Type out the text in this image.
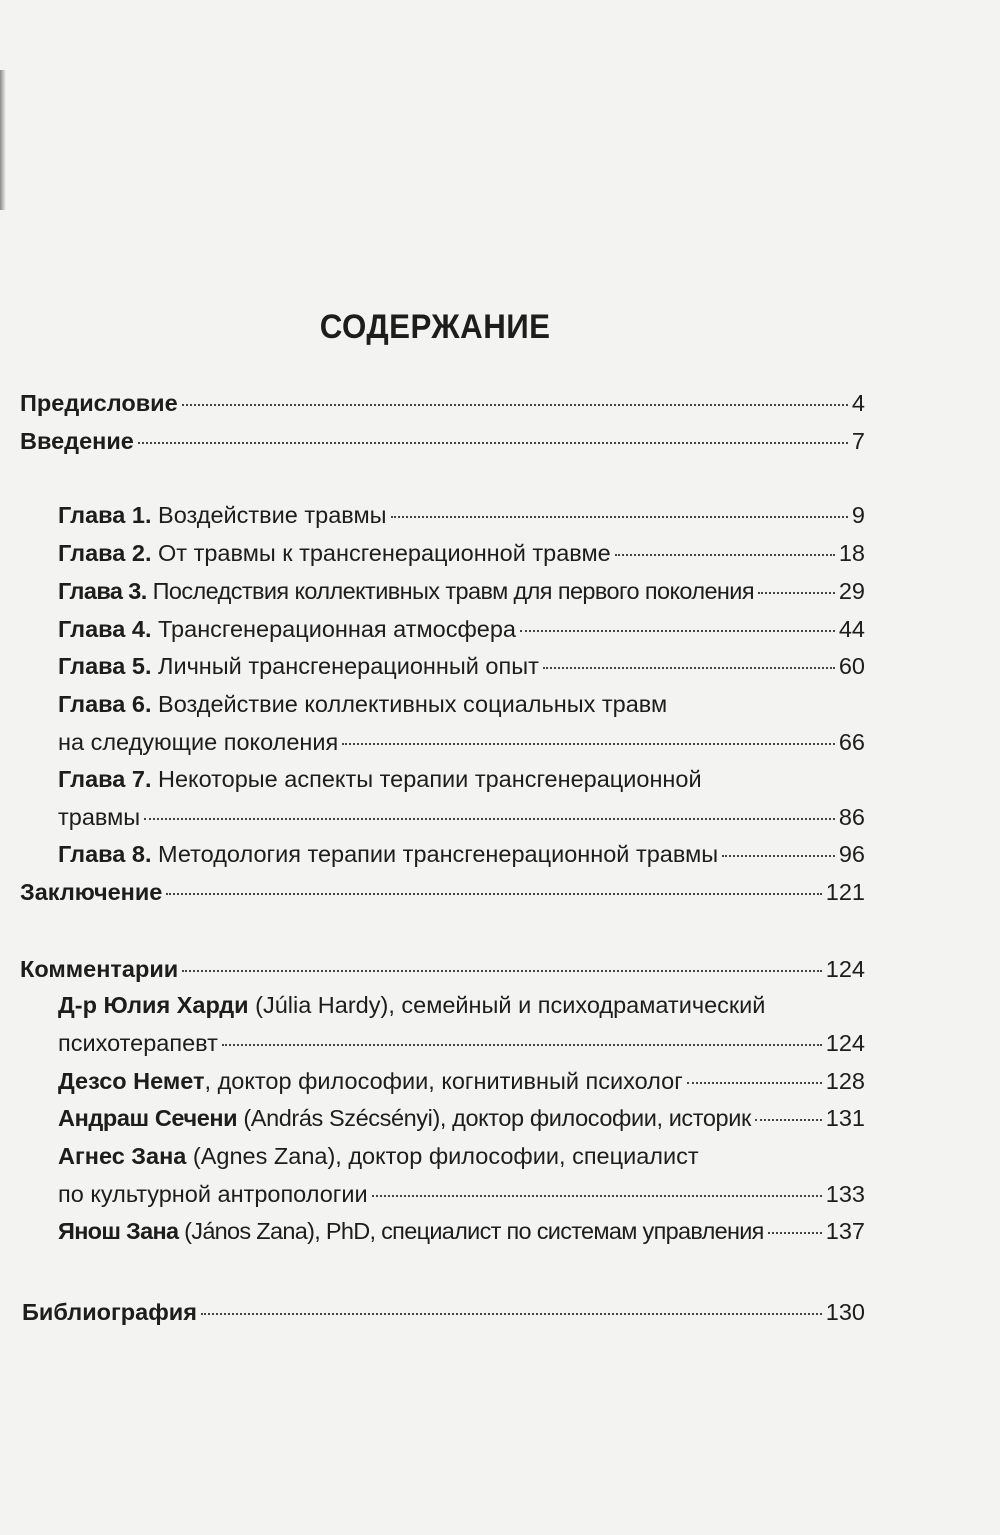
СОДЕРЖАНИЕ
Предисловие	4
Введение	7
Глава 1. Воздействие травмы	9
Глава 2. От травмы к трансгенерационной травме	18
Глава 3. Последствия коллективных травм для первого поколения	29
Глава 4. Трансгенерационная атмосфера	44
Глава 5. Личный трансгенерационный опыт	60
Глава 6. Воздействие коллективных социальных травм
на следующие поколения	66
Глава 7. Некоторые аспекты терапии трансгенерационной
травмы	86
Глава 8. Методология терапии трансгенерационной травмы	96
Заключение	121
Комментарии	124
Д-р Юлия Харди (Júlia Hardy), семейный и психодраматический
психотерапевт	124
Дезсо Немет, доктор философии, когнитивный психолог	128
Андраш Сечени (András Szécsényi), доктор философии, историк	131
Агнес Зана (Agnes Zana), доктор философии, специалист
по культурной антропологии	133
Янош Зана (János Zana), PhD, специалист по системам управления	137
Библиография	130
